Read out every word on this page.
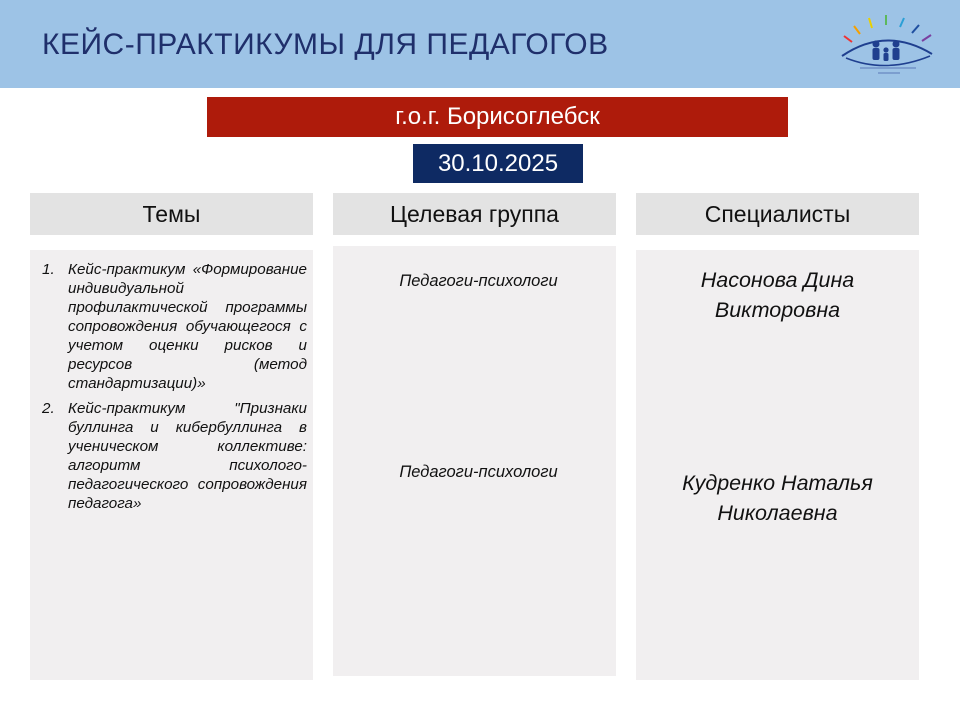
КЕЙС-ПРАКТИКУМЫ ДЛЯ ПЕДАГОГОВ
г.о.г. Борисоглебск
30.10.2025
Темы	Целевая группа	Специалисты
1. Кейс-практикум «Формирование индивидуальной профилактической программы сопровождения обучающегося с учетом оценки рисков и ресурсов (метод стандартизации)»
2. Кейс-практикум "Признаки буллинга и кибербуллинга в ученическом коллективе: алгоритм психолого-педагогического сопровождения педагога»
Педагоги-психологи
Педагоги-психологи
Насонова Дина
Викторовна
Кудренко Наталья
Николаевна
